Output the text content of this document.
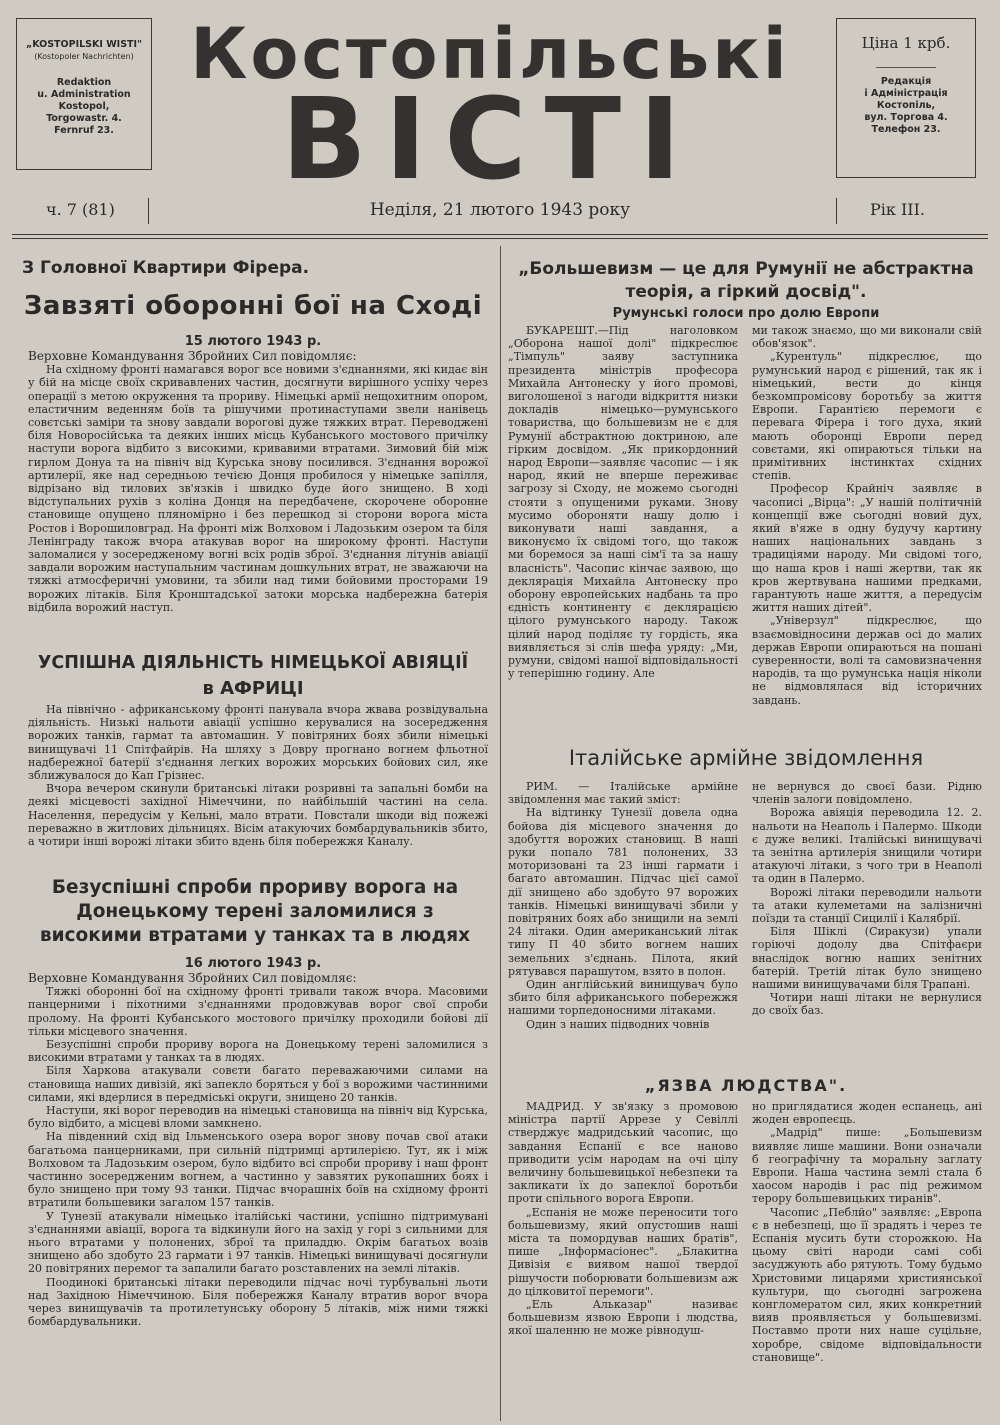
„KOSTOPILSKI WISTI"
(Kostopoler Nachrichten)
Redaktion
u. Administration
Kostopol,
Torgowastr. 4.
Fernruf 23.
Костопільські
ВІСТІ
Ціна 1 крб.
Редакція
і Адміністрація
Костопіль,
вул. Торгова 4.
Телефон 23.
ч. 7 (81)	Неділя, 21 лютого 1943 року	Рік III.
З Головної Квартири Фірера.
Завзяті оборонні бої на Сході
15 лютого 1943 р.

Верховне Командування Збройних Сил повідомляє:

На східному фронті намагався ворог все новими з'єднаннями, які кидає він у бій на місце своїх скривавлених частин, досягнути вирішного успіху через операції з метою окруження та прориву. Німецькі армії нещохитним опором, еластичним веденням боїв та рішучими протинаступами звели нанівець совєтські заміри та знову завдали ворогові дуже тяжких втрат. Переводжені біля Новоросійська та деяких інших місць Кубанського мостового причілку наступи ворога відбито з високими, кривавими втратами. Зимовий бій між гирлом Донуа та на північ від Курська знову посилився. З'єднання ворожої артилерії, яке над середньою течією Донця пробилося у німецьке запілля, відрізано від тилових зв'язків і швидко буде його знищено. В ході відступальних рухів з коліна Донця на передбачене, скорочене оборонне становище опущено пляномірно і без перешкод зі сторони ворога міста Ростов і Ворошиловград. На фронті між Волховом і Ладозьким озером та біля Ленінграду також вчора атакував ворог на широкому фронті. Наступи заломалися у зосередженому вогні всіх родів зброї. З'єднання літунів авіації завдали ворожим наступальним частинам дошкульних втрат, не зважаючи на тяжкі атмосферичні умовини, та збили над тими бойовими просторами 19 ворожих літаків. Біля Кронштадської затоки морська надбережна батерія відбила ворожий наступ.

УСПІШНА ДІЯЛЬНІСТЬ НІМЕЦЬКОЇ АВІЯЦІЇ
в АФРИЦІ

На північно - африканському фронті панувала вчора жвава розвідувальна діяльність. Низькі нальоти авіації успішно керувалися на зосередження ворожих танків, гармат та автомашин. У повітряних боях збили німецькі винищувачі 11 Спітфайрів. На шляху з Довру прогнано вогнем фльотної надбережної батерії з'єднання легких ворожих морських бойових сил, яке зближувалося до Кап Грізнес.

Вчора вечером скинули британські літаки розривні та запальні бомби на деякі місцевості західної Німеччини, по найбільшій частині на села. Населення, передусім у Кельні, мало втрати. Повстали шкоди від пожежі переважно в житлових дільницях. Вісім атакуючих бомбардувальників збито, а чотири інші ворожі літаки збито вдень біля побережжя Каналу.

Безуспішні спроби прориву ворога на Донецькому терені заломилися з високими втратами у танках та в людях
16 лютого 1943 р.

Верховне Командування Збройних Сил повідомляє:

Тяжкі оборонні бої на східному фронті тривали також вчора. Масовими панцерними і піхотними з'єднаннями продовжував ворог свої спроби пролому. На фронті Кубанського мостового причілку проходили бойові дії тільки місцевого значення.

Безуспішні спроби прориву ворога на Донецькому терені заломилися з високими втратами у танках та в людях.

Біля Харкова атакували совєти багато переважаючими силами на становища наших дивізій, які запекло боряться у бої з ворожими частинними силами, які вдерлися в передміські округи, знищено 20 танків.

Наступи, які ворог переводив на німецькі становища на північ від Курська, було відбито, а місцеві вломи замкнено.

На південний схід від Ільменського озера ворог знову почав свої атаки багатьома панцерниками, при сильній підтримці артилерією. Тут, як і між Волховом та Ладозьким озером, було відбито всі спроби прориву і наш фронт частинно зосередженим вогнем, а частинно у завзятих рукопашних боях і було знищено при тому 93 танки. Підчас вчорашніх боїв на східному фронті втратили большевики загалом 157 танків.

У Тунезії атакували німецько італійські частини, успішно підтримувані з'єднаннями авіації, ворога та відкинули його на захід у горі з сильними для нього втратами у полонених, зброї та приладдю. Окрім багатьох возів знищено або здобуто 23 гармати і 97 танків. Німецькі винищувачі досягнули 20 повітряних перемог та запалили багато розставлених на землі літаків.

Поодинокі британські літаки переводили підчас ночі турбувальні льоти над Західною Німеччиною. Біля побережжя Каналу втратив ворог вчора через винищувачів та протилетунську оборону 5 літаків, між ними тяжкі бомбардувальники.

„Большевизм — це для Румунії не абстрактна теорія, а гіркий досвід".
Румунські голоси про долю Европи

БУКАРЕШТ.—Під наголовком „Оборона нашої долі" підкреслює „Тімпуль" заяву заступника президента міністрів професора Михайла Антонеску у його промові, виголошеної з нагоди відкриття низки докладів німецько—румунського товариства, що большевизм не є для Румунії абстрактною доктриною, але гірким досвідом. „Як прикордонний народ Европи—заявляє часопис — і як народ, який не вперше переживає загрозу зі Сходу, не можемо сьогодні стояти з опущеними руками. Знову мусимо обороняти нашу долю і виконувати наші завдання, а виконуємо їх свідомі того, що також ми боремося за наші сім'ї та за нашу власність". Часопис кінчає заявою, що деклярація Михайла Антонеску про оборону европейських надбань та про єдність континенту є деклярацією цілого румунського народу. Також цілий народ поділяє ту гордість, яка виявляється зі слів шефа уряду: „Ми, румуни, свідомі нашої відповідальності у теперішню годину. Але

ми також знаємо, що ми виконали свій обов'язок".

„Курентуль" підкреслює, що румунський народ є рішений, так як і німецький, вести до кінця безкомпромісову боротьбу за життя Европи. Гарантією перемоги є перевага Фірера і того духа, який мають оборонці Европи перед совєтами, які опираються тільки на примітивних інстинктах східних степів.

Професор Крайніч заявляє в часописі „Вірца": „У нашій політичній концепції вже сьогодні новий дух, який в'яже в одну будучу картину наших національних завдань з традиціями народу. Ми свідомі того, що наша кров і наші жертви, так як кров жертвувана нашими предками, гарантують наше життя, а передусім життя наших дітей".

„Універзул" підкреслює, що взаємовідносини держав осі до малих держав Европи опираються на пошані суверенности, волі та самовизначення народів, та що румунська нація ніколи не відмовлялася від історичних завдань.

Італійське армійне звідомлення

РИМ. — Італійське армійне звідомлення має такий зміст:

На відтинку Тунезії довела одна бойова дія місцевого значення до здобуття ворожих становищ. В наші руки попало 781 полонених, 33 моторизовані та 23 інші гармати і багато автомашин. Підчас цієї самої дії знищено або здобуто 97 ворожих танків. Німецькі винищувачі збили у повітряних боях або знищили на землі 24 літаки. Один американський літак типу П 40 збито вогнем наших земельних з'єднань. Пілота, який рятувався парашутом, взято в полон.

Один англійський винищувач було збито біля африканського побережжя нашими торпедоносними літаками.

Один з наших підводних човнів

не вернувся до своєї бази. Рідню членів залоги повідомлено.

Ворожа авіяція переводила 12. 2. нальоти на Неаполь і Палермо. Шкоди є дуже великі. Італійські винищувачі та зенітна артилерія знищили чотири атакуючі літаки, з чого три в Неаполі та один в Палермо.

Ворожі літаки переводили нальоти та атаки кулеметами на залізничні поїзди та станції Сицилії і Калябрії.

Біля Шіклі (Сиракузи) упали горіючі додолу два Спітфаєри внаслідок вогню наших зенітних батерій. Третій літак було знищено нашими винищувачами біля Трапані.

Чотири наші літаки не вернулися до своїх баз.

„ЯЗВА ЛЮДСТВА".

МАДРИД. У зв'язку з промовою міністра партії Аррезе у Севіллі стверджує мадридський часопис, що завдання Еспанії є все наново приводити усім народам на очі цілу величину большевицької небезпеки та закликати їх до запеклої боротьби проти спільного ворога Европи.

„Еспанія не може переносити того большевизму, який опустошив наші міста та помордував наших братів", пише „Інформасіонес". „Блакитна Дивізія є виявом нашої твердої рішучости поборювати большевизм аж до цілковитої перемоги".

„Ель Альказар" називає большевизм язвою Европи і людства, якої шаленню не може рівнодуш-

но приглядатися жоден еспанець, ані жоден европеєць.

„Мадрід" пише: „Большевизм виявляє лише машини. Вони означали б географічну та моральну заглату Европи. Наша частина землі стала б хаосом народів і рас під режимом терору большевицьких тиранів".

Часопис „Пеблйо" заявляє: „Европа є в небезпеці, що її зрадять і через те Еспанія мусить бути сторожкою. На цьому світі народи самі собі засуджують або рятують. Тому будьмо Христовими лицарями християнської культури, що сьогодні загрожена конгломератом сил, яких конкретний вияв проявляється у большевизмі. Поставмо проти них наше суцільне, хоробре, свідоме відповідальности становище".
